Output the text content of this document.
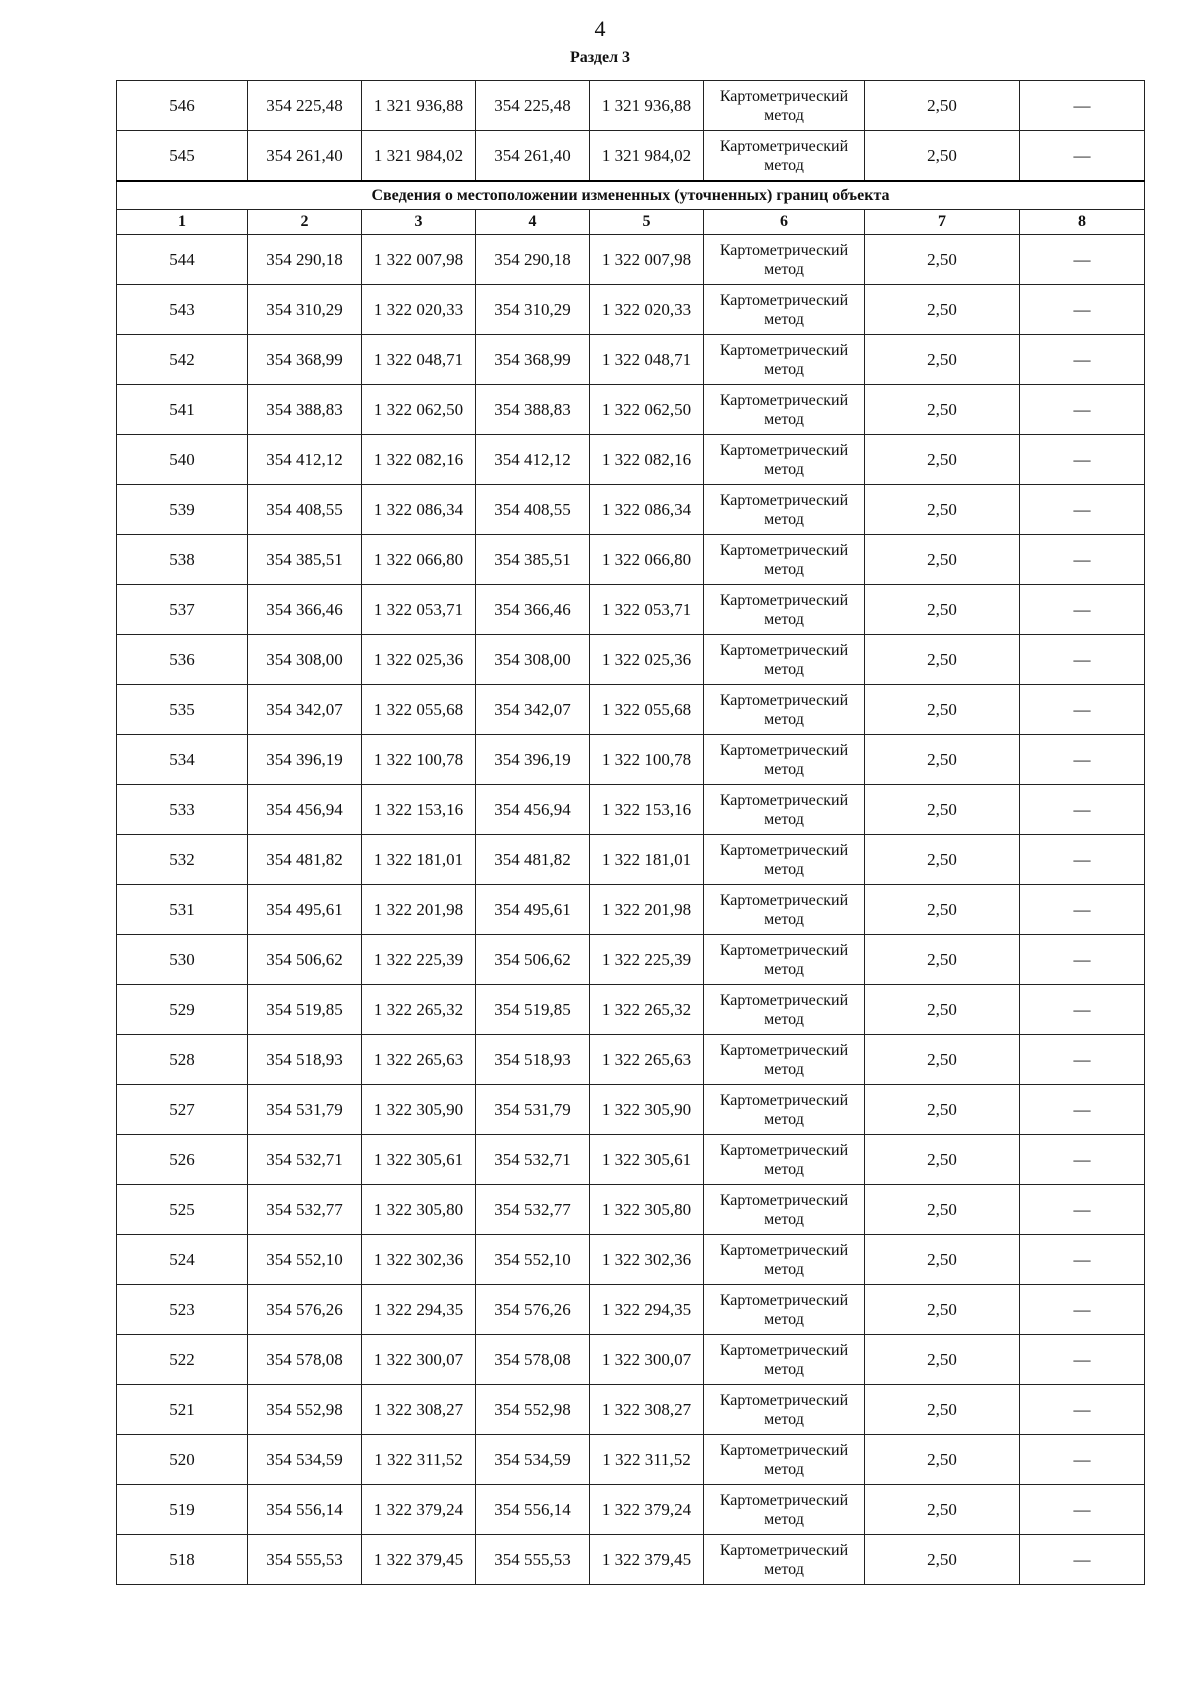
4
Раздел 3
546	354 225,48	1 321 936,88	354 225,48	1 321 936,88	Картометрический метод	2,50	—
545	354 261,40	1 321 984,02	354 261,40	1 321 984,02	Картометрический метод	2,50	—
Сведения о местоположении измененных (уточненных) границ объекта							
1	2	3	4	5	6	7	8
544	354 290,18	1 322 007,98	354 290,18	1 322 007,98	Картометрический метод	2,50	—
543	354 310,29	1 322 020,33	354 310,29	1 322 020,33	Картометрический метод	2,50	—
542	354 368,99	1 322 048,71	354 368,99	1 322 048,71	Картометрический метод	2,50	—
541	354 388,83	1 322 062,50	354 388,83	1 322 062,50	Картометрический метод	2,50	—
540	354 412,12	1 322 082,16	354 412,12	1 322 082,16	Картометрический метод	2,50	—
539	354 408,55	1 322 086,34	354 408,55	1 322 086,34	Картометрический метод	2,50	—
538	354 385,51	1 322 066,80	354 385,51	1 322 066,80	Картометрический метод	2,50	—
537	354 366,46	1 322 053,71	354 366,46	1 322 053,71	Картометрический метод	2,50	—
536	354 308,00	1 322 025,36	354 308,00	1 322 025,36	Картометрический метод	2,50	—
535	354 342,07	1 322 055,68	354 342,07	1 322 055,68	Картометрический метод	2,50	—
534	354 396,19	1 322 100,78	354 396,19	1 322 100,78	Картометрический метод	2,50	—
533	354 456,94	1 322 153,16	354 456,94	1 322 153,16	Картометрический метод	2,50	—
532	354 481,82	1 322 181,01	354 481,82	1 322 181,01	Картометрический метод	2,50	—
531	354 495,61	1 322 201,98	354 495,61	1 322 201,98	Картометрический метод	2,50	—
530	354 506,62	1 322 225,39	354 506,62	1 322 225,39	Картометрический метод	2,50	—
529	354 519,85	1 322 265,32	354 519,85	1 322 265,32	Картометрический метод	2,50	—
528	354 518,93	1 322 265,63	354 518,93	1 322 265,63	Картометрический метод	2,50	—
527	354 531,79	1 322 305,90	354 531,79	1 322 305,90	Картометрический метод	2,50	—
526	354 532,71	1 322 305,61	354 532,71	1 322 305,61	Картометрический метод	2,50	—
525	354 532,77	1 322 305,80	354 532,77	1 322 305,80	Картометрический метод	2,50	—
524	354 552,10	1 322 302,36	354 552,10	1 322 302,36	Картометрический метод	2,50	—
523	354 576,26	1 322 294,35	354 576,26	1 322 294,35	Картометрический метод	2,50	—
522	354 578,08	1 322 300,07	354 578,08	1 322 300,07	Картометрический метод	2,50	—
521	354 552,98	1 322 308,27	354 552,98	1 322 308,27	Картометрический метод	2,50	—
520	354 534,59	1 322 311,52	354 534,59	1 322 311,52	Картометрический метод	2,50	—
519	354 556,14	1 322 379,24	354 556,14	1 322 379,24	Картометрический метод	2,50	—
518	354 555,53	1 322 379,45	354 555,53	1 322 379,45	Картометрический метод	2,50	—
